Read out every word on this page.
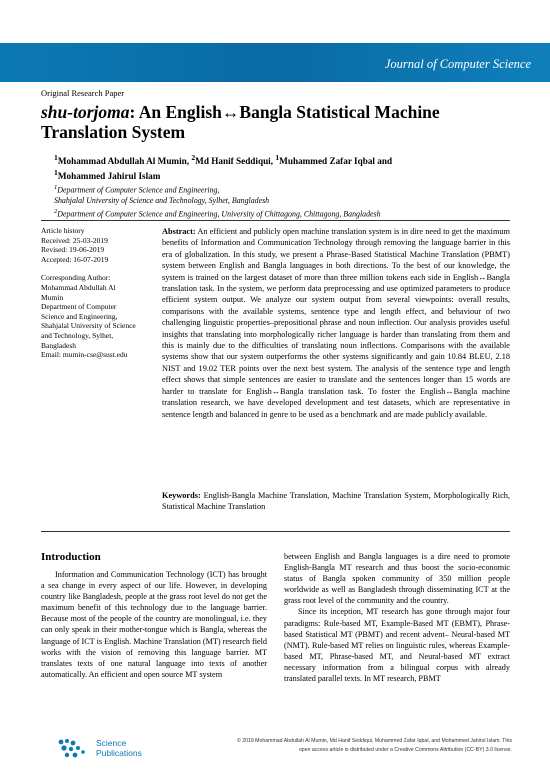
Journal of Computer Science
Original Research Paper
shu-torjoma: An English↔Bangla Statistical Machine Translation System
$^1$Mohammad Abdullah Al Mumin, $^2$Md Hanif Seddiqui, $^1$Muhammed Zafar Iqbal and
$^1$Mohammed Jahirul Islam
$^1$Department of Computer Science and Engineering,
Shahjalal University of Science and Technology, Sylhet, Bangladesh
$^2$Department of Computer Science and Engineering, University of Chittagong, Chittagong, Bangladesh
Article history
Received: 25-03-2019
Revised: 19-06-2019
Accepted: 16-07-2019
Corresponding Author:
Mohammad Abdullah Al
Mumin
Department of Computer
Science and Engineering,
Shahjalal University of Science
and Technology, Sylhet,
Bangladesh
Email: mumin-cse@sust.edu
Abstract: An efficient and publicly open machine translation system is in dire need to get the maximum benefits of Information and Communication Technology through removing the language barrier in this era of globalization. In this study, we present a Phrase-Based Statistical Machine Translation (PBMT) system between English and Bangla languages in both directions. To the best of our knowledge, the system is trained on the largest dataset of more than three million tokens each side in English↔Bangla translation task. In the system, we perform data preprocessing and use optimized parameters to produce efficient system output. We analyze our system output from several viewpoints: overall results, comparisons with the available systems, sentence type and length effect, and behaviour of two challenging linguistic properties–prepositional phrase and noun inflection. Our analysis provides useful insights that translating into morphologically richer language is harder than translating from them and this is mainly due to the difficulties of translating noun inflections. Comparisons with the available systems show that our system outperforms the other systems significantly and gain 10.84 BLEU, 2.18 NIST and 19.02 TER points over the next best system. The analysis of the sentence type and length effect shows that simple sentences are easier to translate and the sentences longer than 15 words are harder to translate for English↔Bangla translation task. To foster the English↔Bangla machine translation research, we have developed development and test datasets, which are representative in sentence length and balanced in genre to be used as a benchmark and are made publicly available.
Keywords: English-Bangla Machine Translation, Machine Translation System, Morphologically Rich, Statistical Machine Translation
Introduction

Information and Communication Technology (ICT) has brought a sea change in every aspect of our life. However, in developing country like Bangladesh, people at the grass root level do not get the maximum benefit of this technology due to the language barrier. Because most of the people of the country are monolingual, i.e. they can only speak in their mother-tongue which is Bangla, whereas the language of ICT is English. Machine Translation (MT) research field works with the vision of removing this language barrier. MT translates texts of one natural language into texts of another automatically. An efficient and open source MT system

between English and Bangla languages is a dire need to promote English-Bangla MT research and thus boost the socio-economic status of Bangla spoken community of 350 million people worldwide as well as Bangladesh through disseminating ICT at the grass root level of the community and the country.

Since its inception, MT research has gone through major four paradigms: Rule-based MT, Example-Based MT (EBMT), Phrase-based Statistical MT (PBMT) and recent advent– Neural-based MT (NMT). Rule-based MT relies on linguistic rules, whereas Example-based MT, Phrase-based MT, and Neural-based MT extract necessary information from a bilingual corpus with already translated parallel texts. In MT research, PBMT

Science
Publications
© 2019 Mohammad Abdullah Al Mumin, Md Hanif Seddiqui, Muhammed Zafar Iqbal, and Mohammed Jahirul Islam. This
open access article is distributed under a Creative Commons Attribution (CC-BY) 3.0 license.
